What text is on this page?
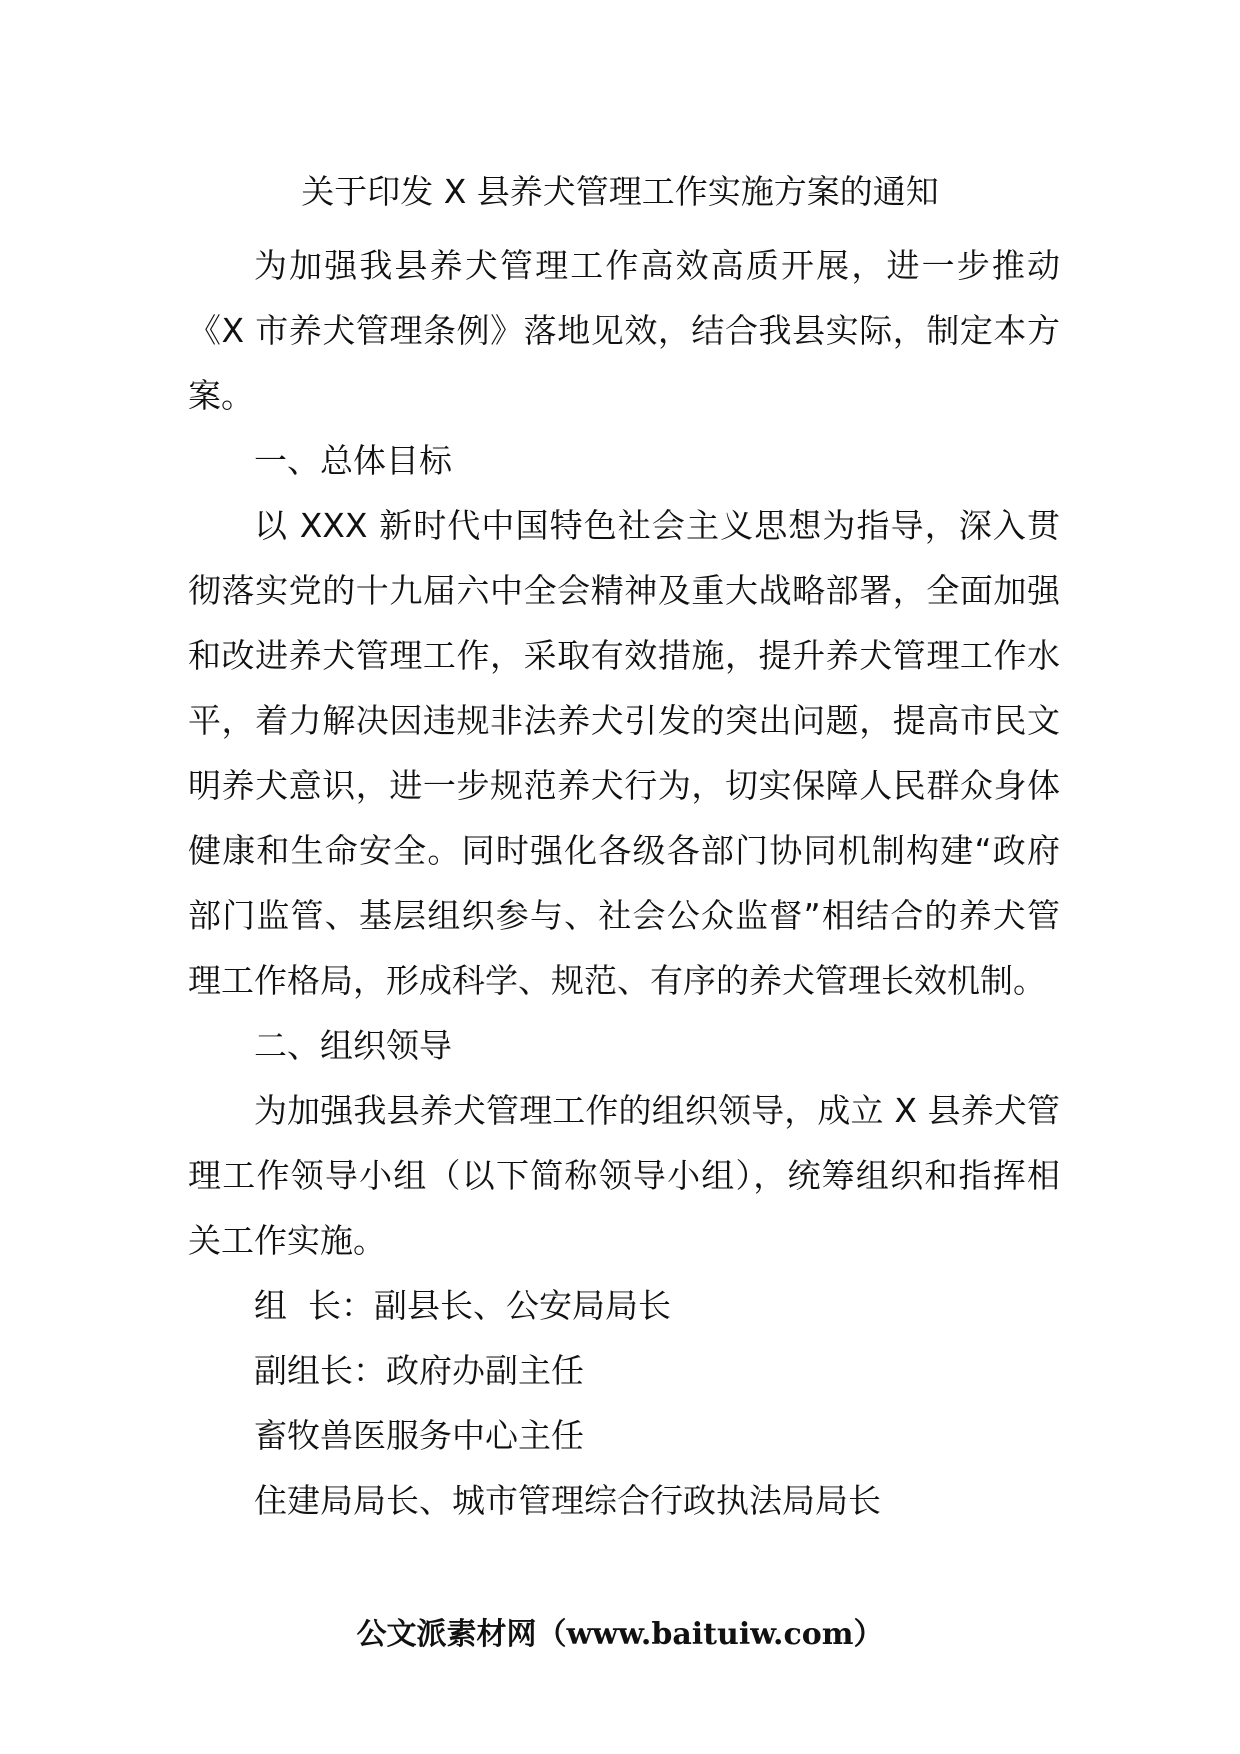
关于印发 X 县养犬管理工作实施方案的通知

为加强我县养犬管理工作高效高质开展，进一步推动《X 市养犬管理条例》落地见效，结合我县实际，制定本方案。

一、总体目标

以 XXX 新时代中国特色社会主义思想为指导，深入贯彻落实党的十九届六中全会精神及重大战略部署，全面加强和改进养犬管理工作，采取有效措施，提升养犬管理工作水平，着力解决因违规非法养犬引发的突出问题，提高市民文明养犬意识，进一步规范养犬行为，切实保障人民群众身体健康和生命安全。同时强化各级各部门协同机制构建“政府部门监管、基层组织参与、社会公众监督”相结合的养犬管理工作格局，形成科学、规范、有序的养犬管理长效机制。

二、组织领导

为加强我县养犬管理工作的组织领导，成立 X 县养犬管理工作领导小组（以下简称领导小组），统筹组织和指挥相关工作实施。

组  长：副县长、公安局局长

副组长：政府办副主任

畜牧兽医服务中心主任

住建局局长、城市管理综合行政执法局局长

公文派素材网（www.baituiw.com）
